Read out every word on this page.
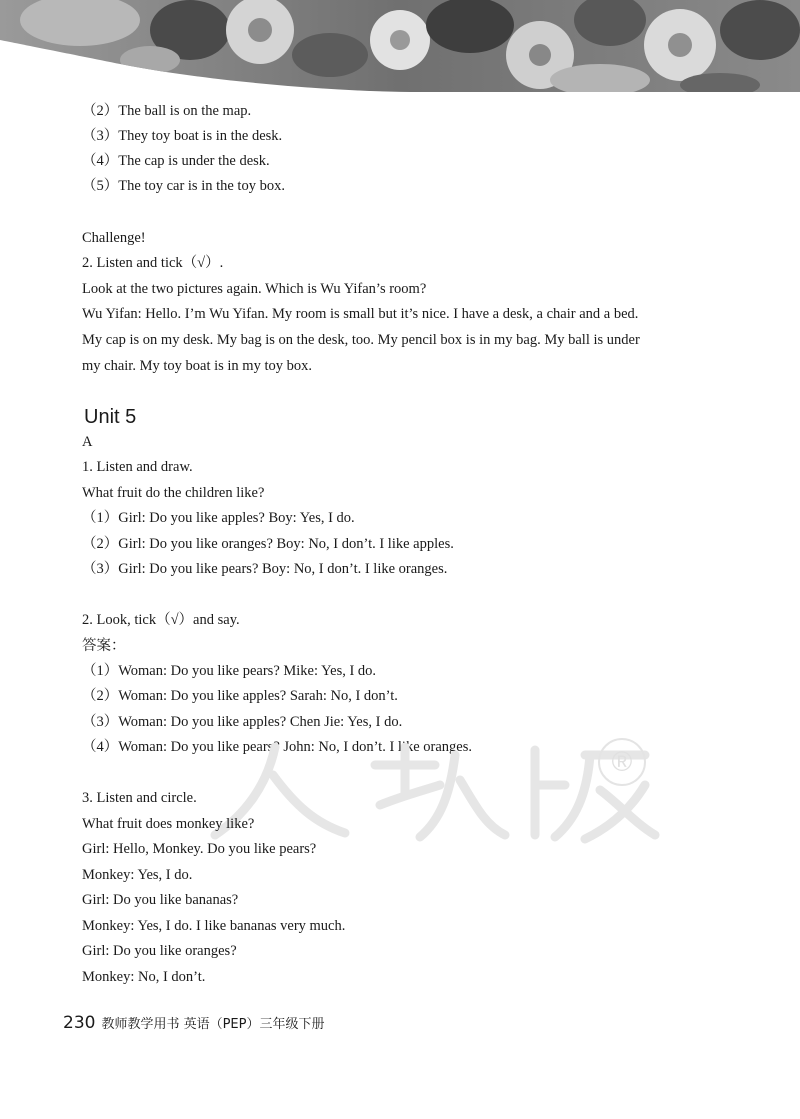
（2）The ball is on the map.
（3）They toy boat is in the desk.
（4）The cap is under the desk.
（5）The toy car is in the toy box.
Challenge!
2. Listen and tick（√）.
Look at the two pictures again. Which is Wu Yifan’s room?
Wu Yifan: Hello. I’m Wu Yifan. My room is small but it’s nice. I have a desk, a chair and a bed.
My cap is on my desk. My bag is on the desk, too. My pencil box is in my bag. My ball is under
my chair. My toy boat is in my toy box.
Unit 5
A
1. Listen and draw.
What fruit do the children like?
（1）Girl: Do you like apples? Boy: Yes, I do.
（2）Girl: Do you like oranges? Boy: No, I don’t. I like apples.
（3）Girl: Do you like pears? Boy: No, I don’t. I like oranges.
2. Look, tick（√）and say.
答案：
（1）Woman: Do you like pears? Mike: Yes, I do.
（2）Woman: Do you like apples? Sarah: No, I don’t.
（3）Woman: Do you like apples? Chen Jie: Yes, I do.
（4）Woman: Do you like pears? John: No, I don’t. I like oranges.	®
3. Listen and circle.
What fruit does monkey like?
Girl: Hello, Monkey. Do you like pears?
Monkey: Yes, I do.
Girl: Do you like bananas?
Monkey: Yes, I do. I like bananas very much.
Girl: Do you like oranges?
Monkey: No, I don’t.
230 教师教学用书 英语（PEP）三年级下册
